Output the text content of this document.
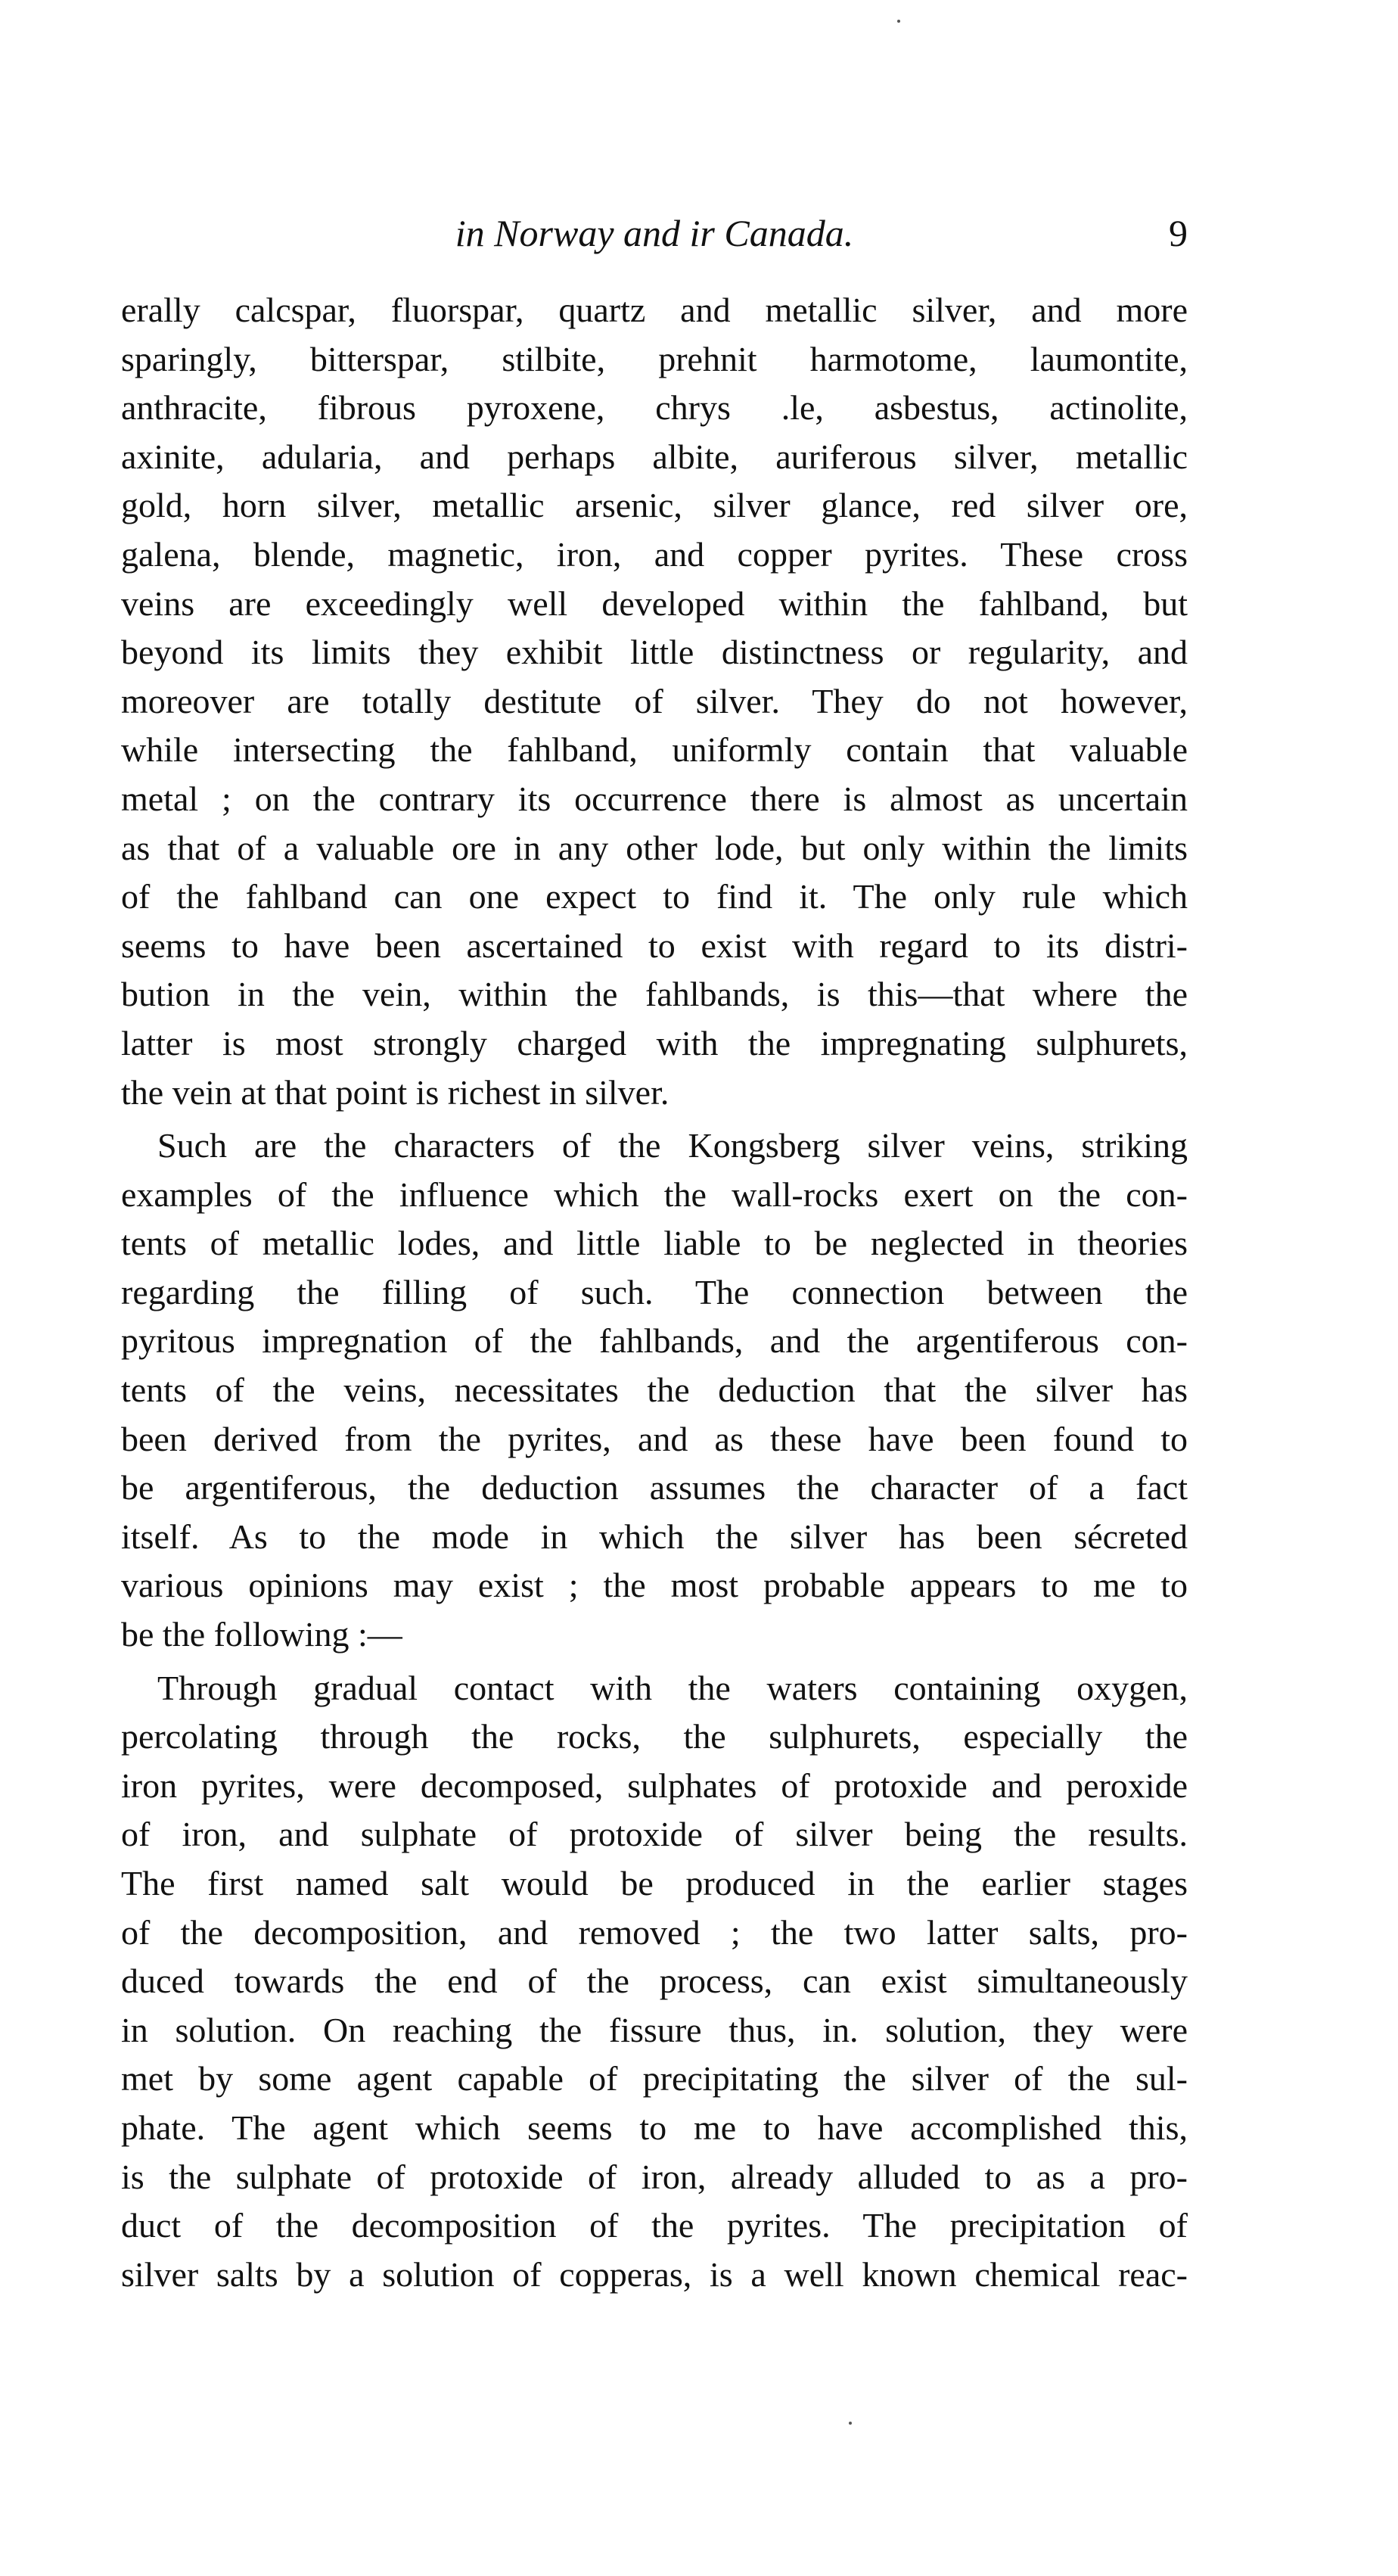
in Norway and ir Canada.	9
erally calcspar, fluorspar, quartz and metallic silver, and more
sparingly, bitterspar, stilbite, prehnit harmotome, laumontite,
anthracite, fibrous pyroxene, chrys .le, asbestus, actinolite,
axinite, adularia, and perhaps albite, auriferous silver, metallic
gold, horn silver, metallic arsenic, silver glance, red silver ore,
galena, blende, magnetic, iron, and copper pyrites. These cross
veins are exceedingly well developed within the fahlband, but
beyond its limits they exhibit little distinctness or regularity, and
moreover are totally destitute of silver. They do not however,
while intersecting the fahlband, uniformly contain that valuable
metal ; on the contrary its occurrence there is almost as uncertain
as that of a valuable ore in any other lode, but only within the limits
of the fahlband can one expect to find it. The only rule which
seems to have been ascertained to exist with regard to its distri-
bution in the vein, within the fahlbands, is this—that where the
latter is most strongly charged with the impregnating sulphurets,
the vein at that point is richest in silver.
Such are the characters of the Kongsberg silver veins, striking
examples of the influence which the wall-rocks exert on the con-
tents of metallic lodes, and little liable to be neglected in theories
regarding the filling of such. The connection between the
pyritous impregnation of the fahlbands, and the argentiferous con-
tents of the veins, necessitates the deduction that the silver has
been derived from the pyrites, and as these have been found to
be argentiferous, the deduction assumes the character of a fact
itself. As to the mode in which the silver has been sécreted
various opinions may exist ; the most probable appears to me to
be the following :—
Through gradual contact with the waters containing oxygen,
percolating through the rocks, the sulphurets, especially the
iron pyrites, were decomposed, sulphates of protoxide and peroxide
of iron, and sulphate of protoxide of silver being the results.
The first named salt would be produced in the earlier stages
of the decomposition, and removed ; the two latter salts, pro-
duced towards the end of the process, can exist simultaneously
in solution. On reaching the fissure thus, in. solution, they were
met by some agent capable of precipitating the silver of the sul-
phate. The agent which seems to me to have accomplished this,
is the sulphate of protoxide of iron, already alluded to as a pro-
duct of the decomposition of the pyrites. The precipitation of
silver salts by a solution of copperas, is a well known chemical reac-
